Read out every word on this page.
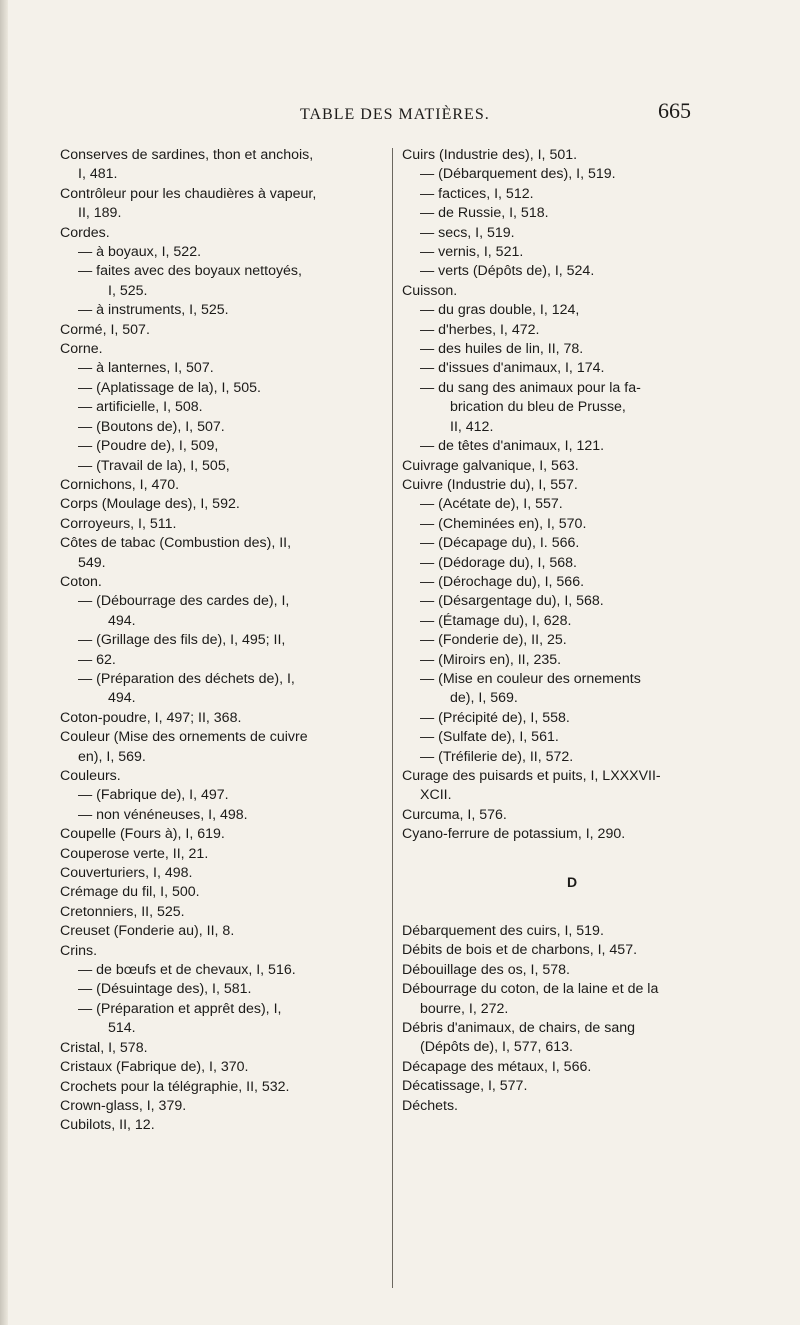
TABLE DES MATIÈRES.	665
Conserves de sardines, thon et anchois,
I, 481.
Contrôleur pour les chaudières à vapeur,
II, 189.
Cordes.
— à boyaux, I, 522.
— faites avec des boyaux nettoyés,
I, 525.
— à instruments, I, 525.
Cormé, I, 507.
Corne.
— à lanternes, I, 507.
— (Aplatissage de la), I, 505.
— artificielle, I, 508.
— (Boutons de), I, 507.
— (Poudre de), I, 509,
— (Travail de la), I, 505,
Cornichons, I, 470.
Corps (Moulage des), I, 592.
Corroyeurs, I, 511.
Côtes de tabac (Combustion des), II,
549.
Coton.
— (Débourrage des cardes de), I,
494.
— (Grillage des fils de), I, 495; II,
— 62.
— (Préparation des déchets de), I,
494.
Coton-poudre, I, 497; II, 368.
Couleur (Mise des ornements de cuivre
en), I, 569.
Couleurs.
— (Fabrique de), I, 497.
— non vénéneuses, I, 498.
Coupelle (Fours à), I, 619.
Couperose verte, II, 21.
Couverturiers, I, 498.
Crémage du fil, I, 500.
Cretonniers, II, 525.
Creuset (Fonderie au), II, 8.
Crins.
— de bœufs et de chevaux, I, 516.
— (Désuintage des), I, 581.
— (Préparation et apprêt des), I,
514.
Cristal, I, 578.
Cristaux (Fabrique de), I, 370.
Crochets pour la télégraphie, II, 532.
Crown-glass, I, 379.
Cubilots, II, 12.
Cuirs (Industrie des), I, 501.
— (Débarquement des), I, 519.
— factices, I, 512.
— de Russie, I, 518.
— secs, I, 519.
— vernis, I, 521.
— verts (Dépôts de), I, 524.
Cuisson.
— du gras double, I, 124,
— d'herbes, I, 472.
— des huiles de lin, II, 78.
— d'issues d'animaux, I, 174.
— du sang des animaux pour la fa-
brication du bleu de Prusse,
II, 412.
— de têtes d'animaux, I, 121.
Cuivrage galvanique, I, 563.
Cuivre (Industrie du), I, 557.
— (Acétate de), I, 557.
— (Cheminées en), I, 570.
— (Décapage du), I. 566.
— (Dédorage du), I, 568.
— (Dérochage du), I, 566.
— (Désargentage du), I, 568.
— (Étamage du), I, 628.
— (Fonderie de), II, 25.
— (Miroirs en), II, 235.
— (Mise en couleur des ornements
de), I, 569.
— (Précipité de), I, 558.
— (Sulfate de), I, 561.
— (Tréfilerie de), II, 572.
Curage des puisards et puits, I, LXXXVII-
XCII.
Curcuma, I, 576.
Cyano-ferrure de potassium, I, 290.
D
Débarquement des cuirs, I, 519.
Débits de bois et de charbons, I, 457.
Débouillage des os, I, 578.
Débourrage du coton, de la laine et de la
bourre, I, 272.
Débris d'animaux, de chairs, de sang
(Dépôts de), I, 577, 613.
Décapage des métaux, I, 566.
Décatissage, I, 577.
Déchets.
